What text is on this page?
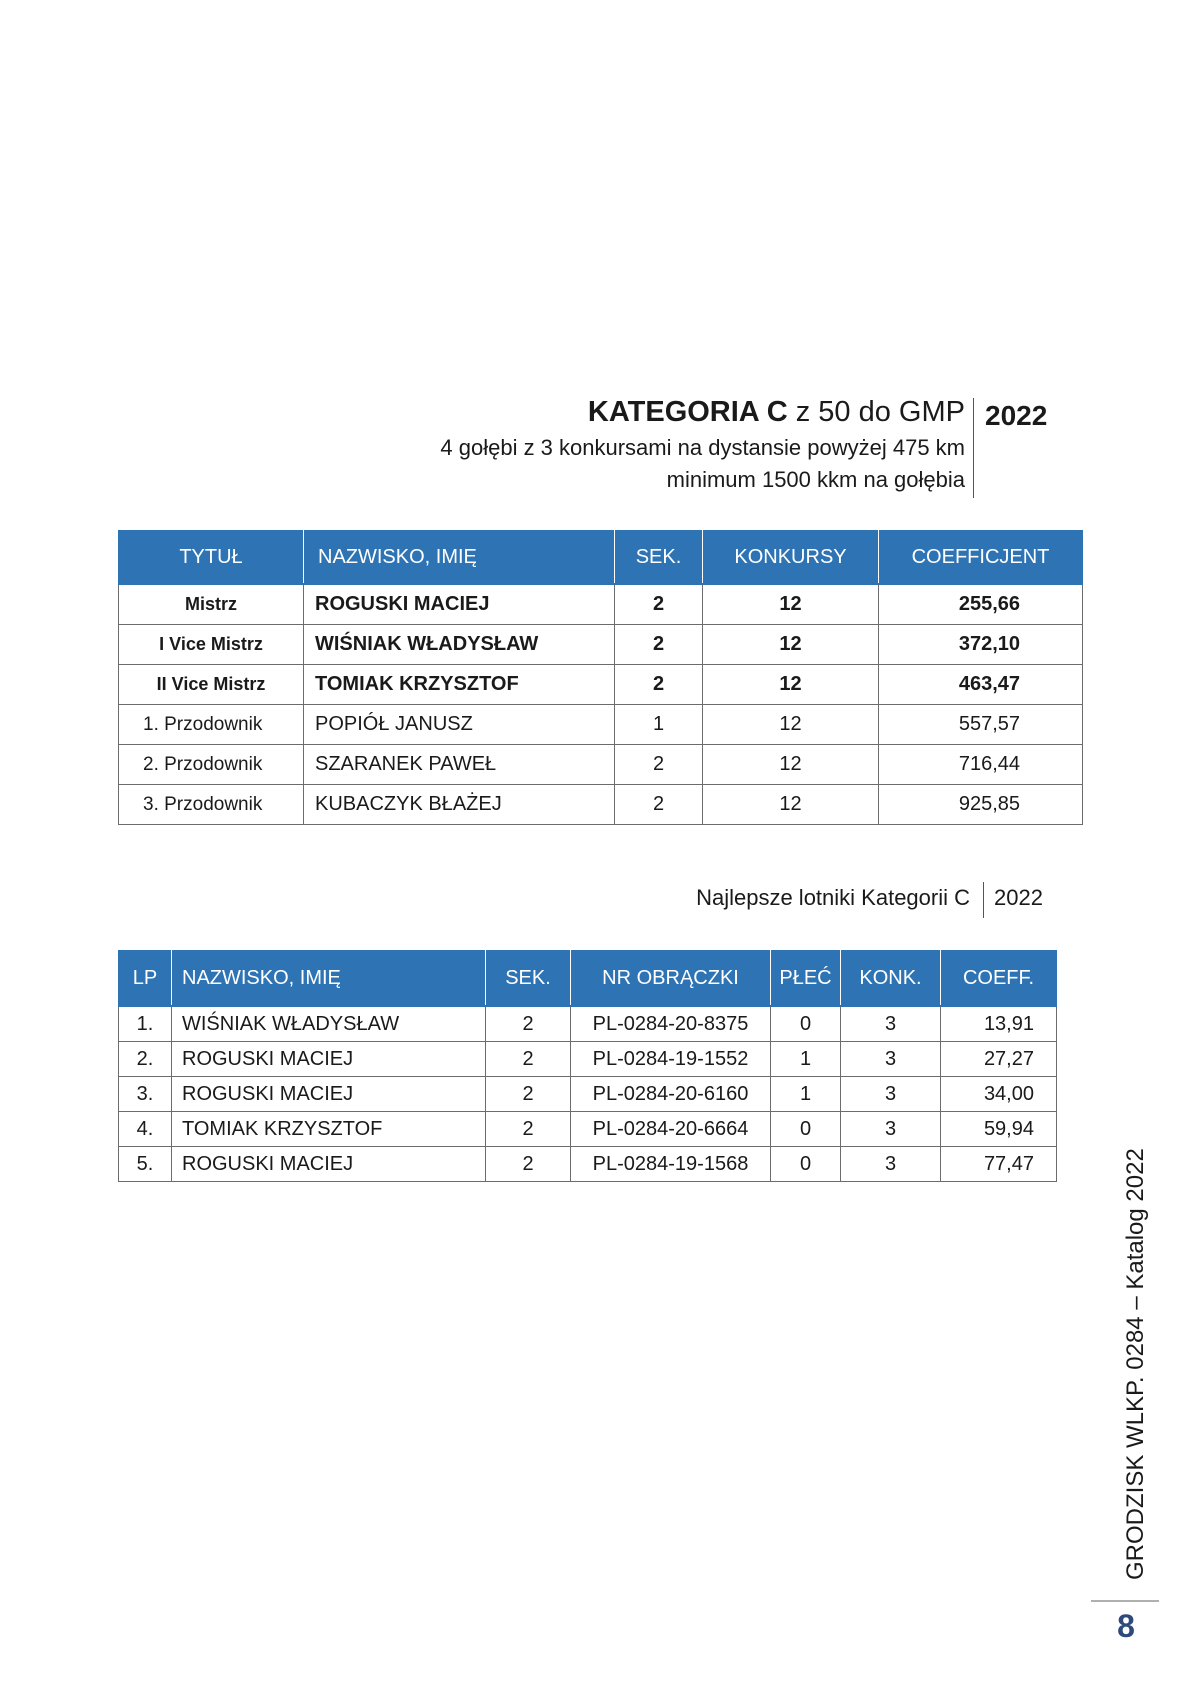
KATEGORIA C z 50 do GMP
4 gołębi z 3 konkursami na dystansie powyżej 475 km
minimum 1500 kkm na gołębia
2022
TYTUŁ	NAZWISKO, IMIĘ	SEK.	KONKURSY	COEFFICJENT
Mistrz	ROGUSKI MACIEJ	2	12	255,66
I Vice Mistrz	WIŚNIAK WŁADYSŁAW	2	12	372,10
II Vice Mistrz	TOMIAK KRZYSZTOF	2	12	463,47
1. Przodownik	POPIÓŁ JANUSZ	1	12	557,57
2. Przodownik	SZARANEK PAWEŁ	2	12	716,44
3. Przodownik	KUBACZYK BŁAŻEJ	2	12	925,85
Najlepsze lotniki Kategorii C 2022
LP	NAZWISKO, IMIĘ	SEK.	NR OBRĄCZKI	PŁEĆ	KONK.	COEFF.
1.	WIŚNIAK WŁADYSŁAW	2	PL-0284-20-8375	0	3	13,91
2.	ROGUSKI MACIEJ	2	PL-0284-19-1552	1	3	27,27
3.	ROGUSKI MACIEJ	2	PL-0284-20-6160	1	3	34,00
4.	TOMIAK KRZYSZTOF	2	PL-0284-20-6664	0	3	59,94
5.	ROGUSKI MACIEJ	2	PL-0284-19-1568	0	3	77,47	GRODZISK WLKP. 0284 – Katalog 2022
8
